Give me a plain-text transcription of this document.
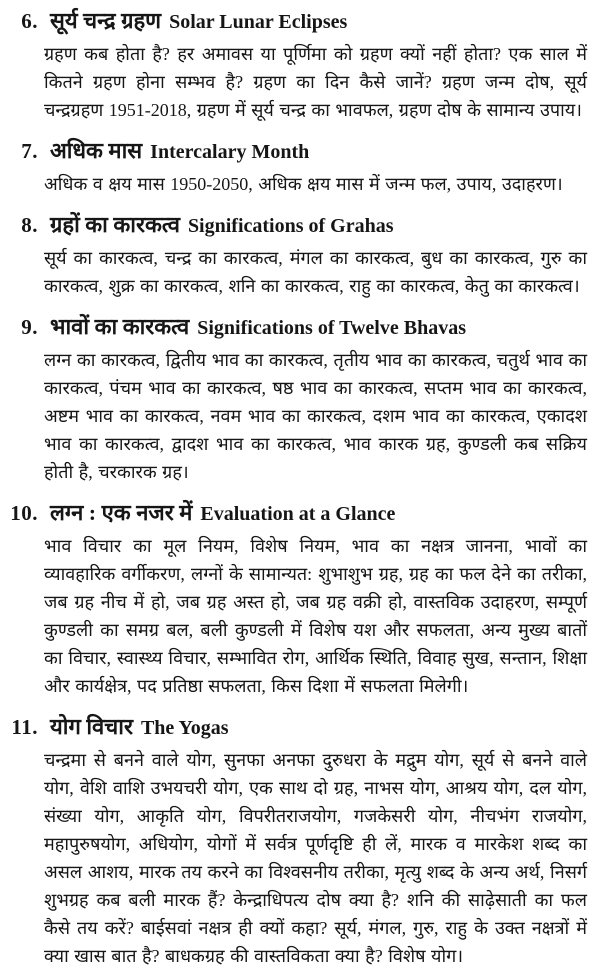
6. सूर्य चन्द्र ग्रहण Solar Lunar Eclipses
ग्रहण कब होता है? हर अमावस या पूर्णिमा को ग्रहण क्यों नहीं होता? एक साल में कितने ग्रहण होना सम्भव है? ग्रहण का दिन कैसे जानें? ग्रहण जन्म दोष, सूर्य चन्द्रग्रहण 1951-2018, ग्रहण में सूर्य चन्द्र का भावफल, ग्रहण दोष के सामान्य उपाय।
7. अधिक मास Intercalary Month
अधिक व क्षय मास 1950-2050, अधिक क्षय मास में जन्म फल, उपाय, उदाहरण।
8. ग्रहों का कारकत्व Significations of Grahas
सूर्य का कारकत्व, चन्द्र का कारकत्व, मंगल का कारकत्व, बुध का कारकत्व, गुरु का कारकत्व, शुक्र का कारकत्व, शनि का कारकत्व, राहु का कारकत्व, केतु का कारकत्व।
9. भावों का कारकत्व Significations of Twelve Bhavas
लग्न का कारकत्व, द्वितीय भाव का कारकत्व, तृतीय भाव का कारकत्व, चतुर्थ भाव का कारकत्व, पंचम भाव का कारकत्व, षष्ठ भाव का कारकत्व, सप्तम भाव का कारकत्व, अष्टम भाव का कारकत्व, नवम भाव का कारकत्व, दशम भाव का कारकत्व, एकादश भाव का कारकत्व, द्वादश भाव का कारकत्व, भाव कारक ग्रह, कुण्डली कब सक्रिय होती है, चरकारक ग्रह।
10. लग्न : एक नजर में Evaluation at a Glance
भाव विचार का मूल नियम, विशेष नियम, भाव का नक्षत्र जानना, भावों का व्यावहारिक वर्गीकरण, लग्नों के सामान्यत: शुभाशुभ ग्रह, ग्रह का फल देने का तरीका, जब ग्रह नीच में हो, जब ग्रह अस्त हो, जब ग्रह वक्री हो, वास्तविक उदाहरण, सम्पूर्ण कुण्डली का समग्र बल, बली कुण्डली में विशेष यश और सफलता, अन्य मुख्य बातों का विचार, स्वास्थ्य विचार, सम्भावित रोग, आर्थिक स्थिति, विवाह सुख, सन्तान, शिक्षा और कार्यक्षेत्र, पद प्रतिष्ठा सफलता, किस दिशा में सफलता मिलेगी।
11. योग विचार The Yogas
चन्द्रमा से बनने वाले योग, सुनफा अनफा दुरुधरा के मद्रुम योग, सूर्य से बनने वाले योग, वेशि वाशि उभयचरी योग, एक साथ दो ग्रह, नाभस योग, आश्रय योग, दल योग, संख्या योग, आकृति योग, विपरीतराजयोग, गजकेसरी योग, नीचभंग राजयोग, महापुरुषयोग, अधियोग, योगों में सर्वत्र पूर्णदृष्टि ही लें, मारक व मारकेश शब्द का असल आशय, मारक तय करने का विश्वसनीय तरीका, मृत्यु शब्द के अन्य अर्थ, निसर्ग शुभग्रह कब बली मारक हैं? केन्द्राधिपत्य दोष क्या है? शनि की साढ़ेसाती का फल कैसे तय करें? बाईसवां नक्षत्र ही क्यों कहा? सूर्य, मंगल, गुरु, राहु के उक्त नक्षत्रों में क्या खास बात है? बाधकग्रह की वास्तविकता क्या है? विशेष योग।
